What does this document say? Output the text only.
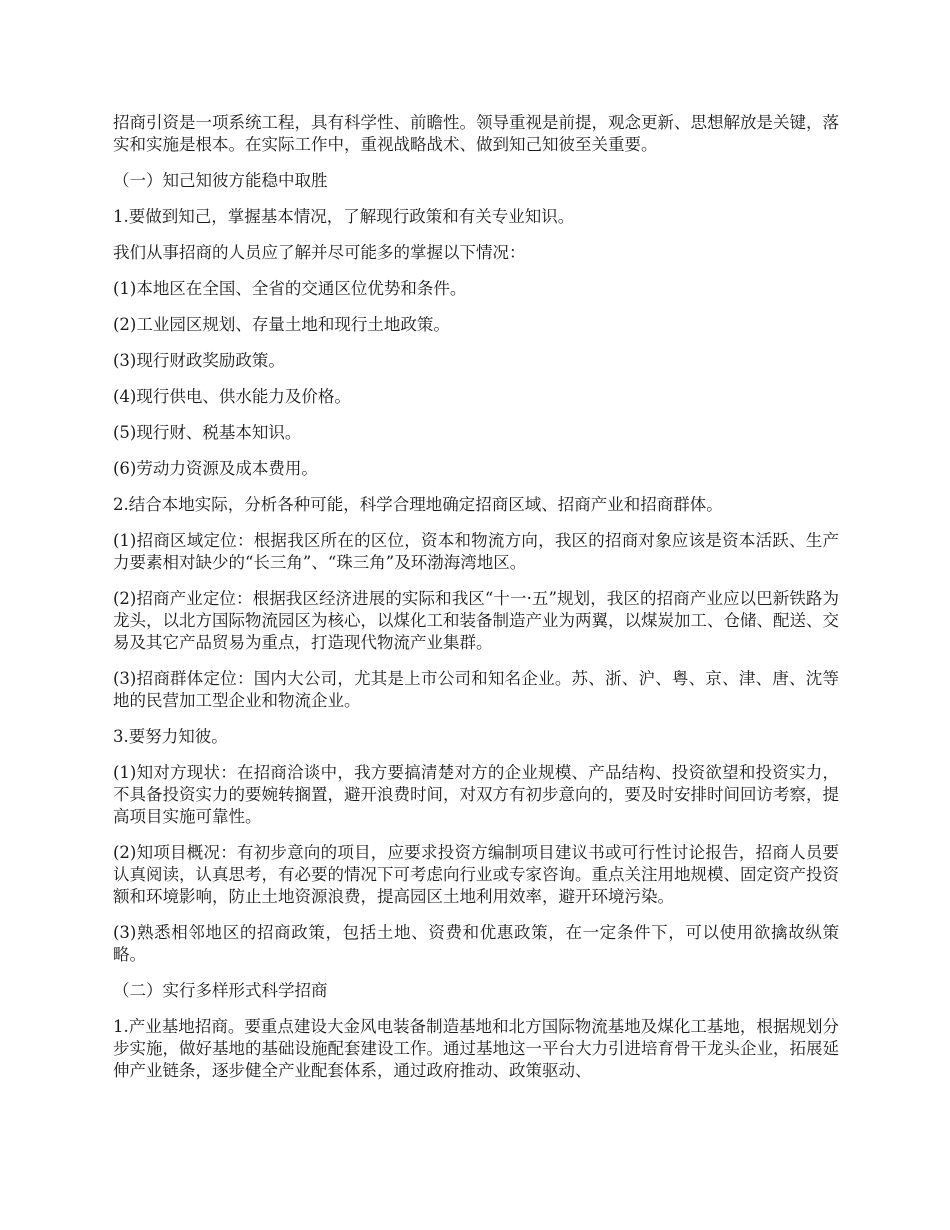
招商引资是一项系统工程，具有科学性、前瞻性。领导重视是前提，观念更新、思想解放是关键，落实和实施是根本。在实际工作中，重视战略战术、做到知己知彼至关重要。

（一）知己知彼方能稳中取胜

1.要做到知己，掌握基本情况，了解现行政策和有关专业知识。

我们从事招商的人员应了解并尽可能多的掌握以下情况：

(1)本地区在全国、全省的交通区位优势和条件。

(2)工业园区规划、存量土地和现行土地政策。

(3)现行财政奖励政策。

(4)现行供电、供水能力及价格。

(5)现行财、税基本知识。

(6)劳动力资源及成本费用。

2.结合本地实际，分析各种可能，科学合理地确定招商区域、招商产业和招商群体。

(1)招商区域定位：根据我区所在的区位，资本和物流方向，我区的招商对象应该是资本活跃、生产力要素相对缺少的“长三角”、“珠三角”及环渤海湾地区。

(2)招商产业定位：根据我区经济进展的实际和我区“十一·五”规划，我区的招商产业应以巴新铁路为龙头，以北方国际物流园区为核心，以煤化工和装备制造产业为两翼，以煤炭加工、仓储、配送、交易及其它产品贸易为重点，打造现代物流产业集群。

(3)招商群体定位：国内大公司，尤其是上市公司和知名企业。苏、浙、沪、粤、京、津、唐、沈等地的民营加工型企业和物流企业。

3.要努力知彼。

(1)知对方现状：在招商洽谈中，我方要搞清楚对方的企业规模、产品结构、投资欲望和投资实力，不具备投资实力的要婉转搁置，避开浪费时间，对双方有初步意向的，要及时安排时间回访考察，提高项目实施可靠性。

(2)知项目概况：有初步意向的项目，应要求投资方编制项目建议书或可行性讨论报告，招商人员要认真阅读，认真思考，有必要的情况下可考虑向行业或专家咨询。重点关注用地规模、固定资产投资额和环境影响，防止土地资源浪费，提高园区土地利用效率，避开环境污染。

(3)熟悉相邻地区的招商政策，包括土地、资费和优惠政策，在一定条件下，可以使用欲擒故纵策略。

（二）实行多样形式科学招商

1.产业基地招商。要重点建设大金风电装备制造基地和北方国际物流基地及煤化工基地，根据规划分步实施，做好基地的基础设施配套建设工作。通过基地这一平台大力引进培育骨干龙头企业，拓展延伸产业链条，逐步健全产业配套体系，通过政府推动、政策驱动、
